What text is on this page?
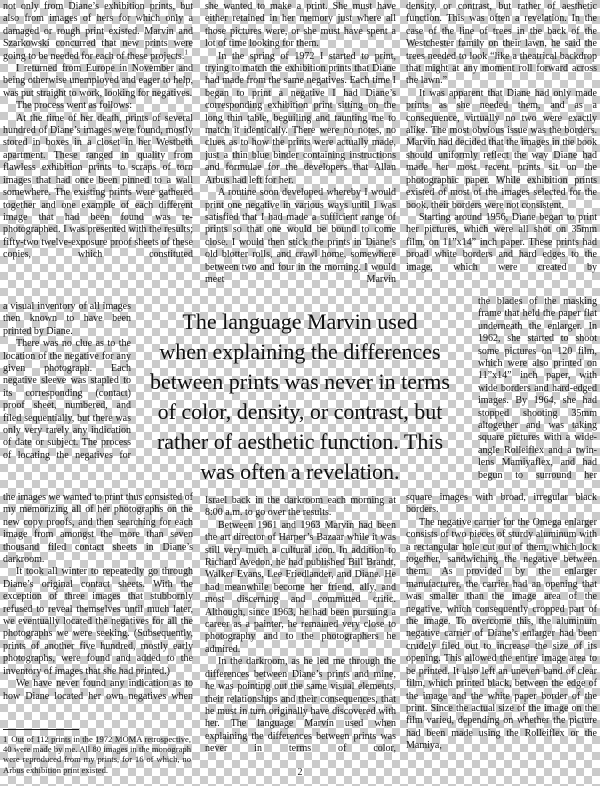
not only from Diane’s exhibition prints, but also from images of hers for which only a damaged or rough print existed. Marvin and Szarkowski concurred that new prints were going to be needed for each of these projects.$^1$

I returned from Europe in November and being otherwise unemployed and eager to help, was put straight to work, looking for negatives.

The process went as follows:

At the time of her death, prints of several hundred of Diane’s images were found, mostly stored in boxes in a closet in her Westbeth apartment. These ranged in quality from flawless exhibition prints to scraps of torn images that had once been pinned to a wall somewhere. The existing prints were gathered together and one example of each different image that had been found was re-photographed. I was presented with the results; fifty-two twelve-exposure proof sheets of these copies, which constituted

a visual inventory of all images then known to have been printed by Diane.

There was no clue as to the location of the negative for any given photograph. Each negative sleeve was stapled to its corresponding (contact) proof sheet, numbered, and filed sequentially, but there was only very rarely any indication of date or subject. The process of locating the negatives for

the images we wanted to print thus consisted of my memorizing all of her photographs on the new copy proofs, and then searching for each image from amongst the more than seven thousand filed contact sheets in Diane’s darkroom.

It took all winter to repeatedly go through Diane’s original contact sheets. With the exception of three images that stubbornly refused to reveal themselves until much later, we eventually located the negatives for all the photographs we were seeking. (Subsequently, prints of another five hundred, mostly early photographs, were found and added to the inventory of images that she had printed.)

We have never found any indication as to how Diane located her own negatives when

she wanted to make a print. She must have either retained in her memory just where all those pictures were, or she must have spent a lot of time looking for them.

In the spring of 1972 I started to print, trying to match the exhibition prints that Diane had made from the same negatives. Each time I began to print a negative I had Diane’s corresponding exhibition print sitting on the long thin table, beguiling and taunting me to match it identically. There were no notes, no clues as to how the prints were actually made, just a thin blue binder containing instructions and formulae for the developers that Allan Arbus had left for her.

A routine soon developed whereby I would print one negative in various ways until I was satisfied that I had made a sufficient range of prints so that one would be bound to come close. I would then stick the prints in Diane’s old blotter rolls, and crawl home, somewhere between two and four in the morning. I would meet Marvin

The language Marvin used
when explaining the differences
between prints was never in terms
of color, density, or contrast, but
rather of aesthetic function. This
was often a revelation.

Israel back in the darkroom each morning at 8:00 a.m. to go over the results.

Between 1961 and 1963 Marvin had been the art director of Harper’s Bazaar while it was still very much a cultural icon. In addition to Richard Avedon, he had published Bill Brandt, Walker Evans, Lee Friedlander, and Diane. He had meanwhile become her friend, ally, and most discerning and committed critic. Although, since 1963, he had been pursuing a career as a painter, he remained very close to photography and to the photographers he admired.

In the darkroom, as he led me through the differences between Diane’s prints and mine, he was pointing out the same visual elements, their relationships and their consequences, that he must in turn originally have discovered with her. The language Marvin used when explaining the differences between prints was never in terms of color,

density, or contrast, but rather of aesthetic function. This was often a revelation. In the case of the line of trees in the back of the Westchester family on their lawn, he said the trees needed to look “like a theatrical backdrop that might at any moment roll forward across the lawn.”

It was apparent that Diane had only made prints as she needed them, and as a consequence, virtually no two were exactly alike. The most obvious issue was the borders. Marvin had decided that the images in the book should uniformly reflect the way Diane had made her most recent prints sit on the photographic paper. While exhibition prints existed of most of the images selected for the book, their borders were not consistent.

Starting around 1956, Diane began to print her pictures, which were all shot on 35mm film, on 11”x14” inch paper. These prints had broad white borders and hard edges to the image, which were created by

the blades of the masking frame that held the paper flat underneath the enlarger. In 1962, she started to shoot some pictures on 120 film, which were also printed on 11”x14” inch paper, with wide borders and hard-edged images. By 1964, she had stopped shooting 35mm altogether and was taking square pictures with a wide-angle Rolleiflex and a twin-lens Mamiyaflex, and had begun to surround her

square images with broad, irregular black borders.

The negative carrier for the Omega enlarger consists of two pieces of sturdy aluminum with a rectangular hole cut out of them, which lock together, sandwiching the negative between them. As provided by the enlarger manufacturer, the carrier had an opening that was smaller than the image area of the negative, which consequently cropped part of the image. To overcome this, the aluminum negative carrier of Diane’s enlarger had been crudely filed out to increase the size of its opening. This allowed the entire image area to be printed. It also left an uneven band of clear film, which printed black, between the edge of the image and the white paper border of the print. Since the actual size of the image on the film varied, depending on whether the picture had been made using the Rolleiflex or the Mamiya,

1 Out of 112 prints in the 1972 MOMA retrospective, 40 were made by me. All 80 images in the monograph were reproduced from my prints, for 16 of which, no Arbus exhibition print existed.	2
